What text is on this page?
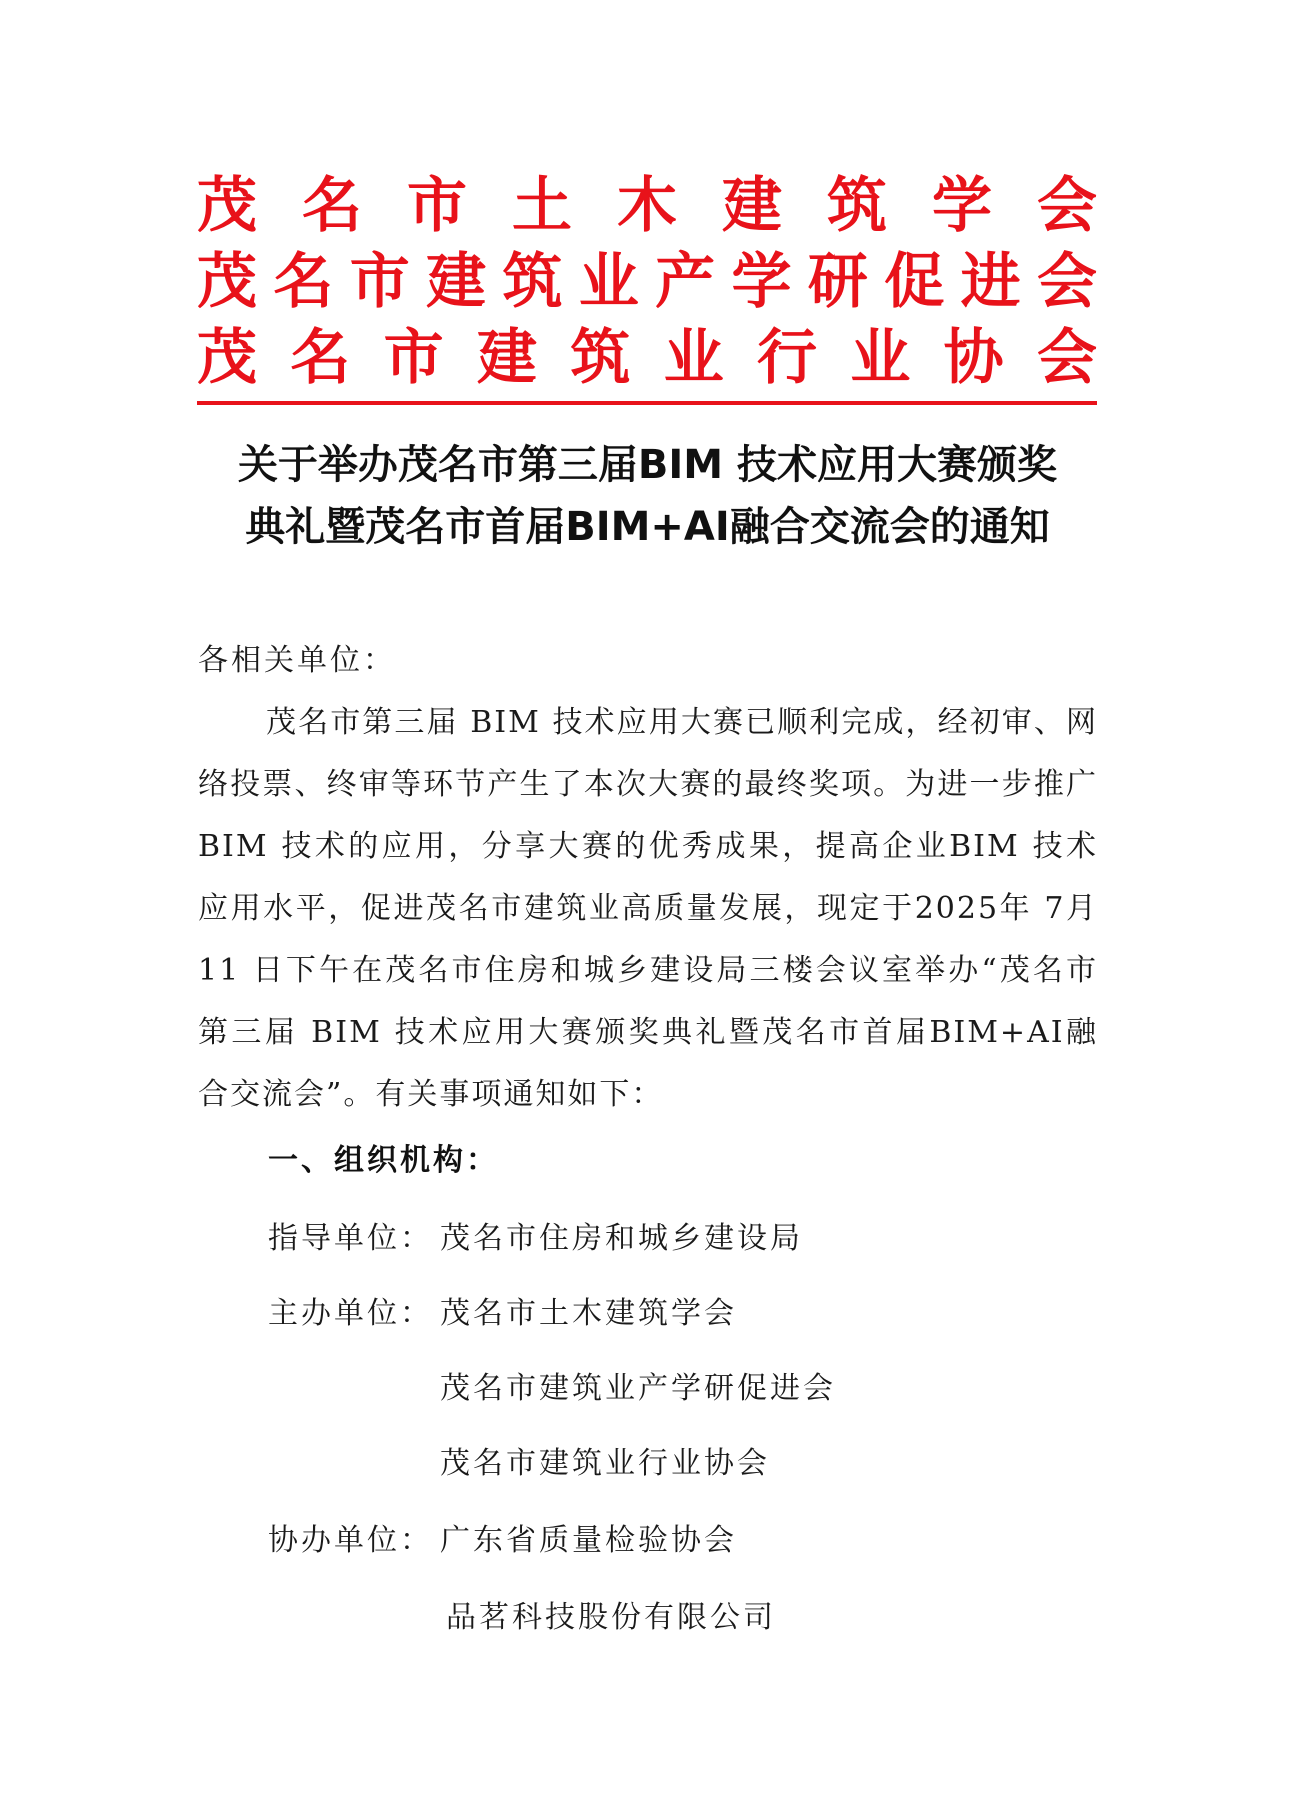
茂 名 市 土 木 建 筑 学 会
茂 名 市 建 筑 业 产 学 研 促 进 会
茂 名 市 建 筑 业 行 业 协 会
关于举办茂名市第三届BIM 技术应用大赛颁奖
典礼暨茂名市首届BIM+AI融合交流会的通知

各相关单位：

茂名市第三届 BIM 技术应用大赛已顺利完成，经初审、网络投票、终审等环节产生了本次大赛的最终奖项。为进一步推广BIM 技术的应用，分享大赛的优秀成果，提高企业BIM 技术应用水平，促进茂名市建筑业高质量发展，现定于2025年 7月 11 日下午在茂名市住房和城乡建设局三楼会议室举办“茂名市第三届 BIM 技术应用大赛颁奖典礼暨茂名市首届BIM+AI融合交流会”。有关事项通知如下：

一、组织机构：
指导单位： 茂名市住房和城乡建设局
主办单位： 茂名市土木建筑学会
茂名市建筑业产学研促进会
茂名市建筑业行业协会
协办单位： 广东省质量检验协会
品茗科技股份有限公司
